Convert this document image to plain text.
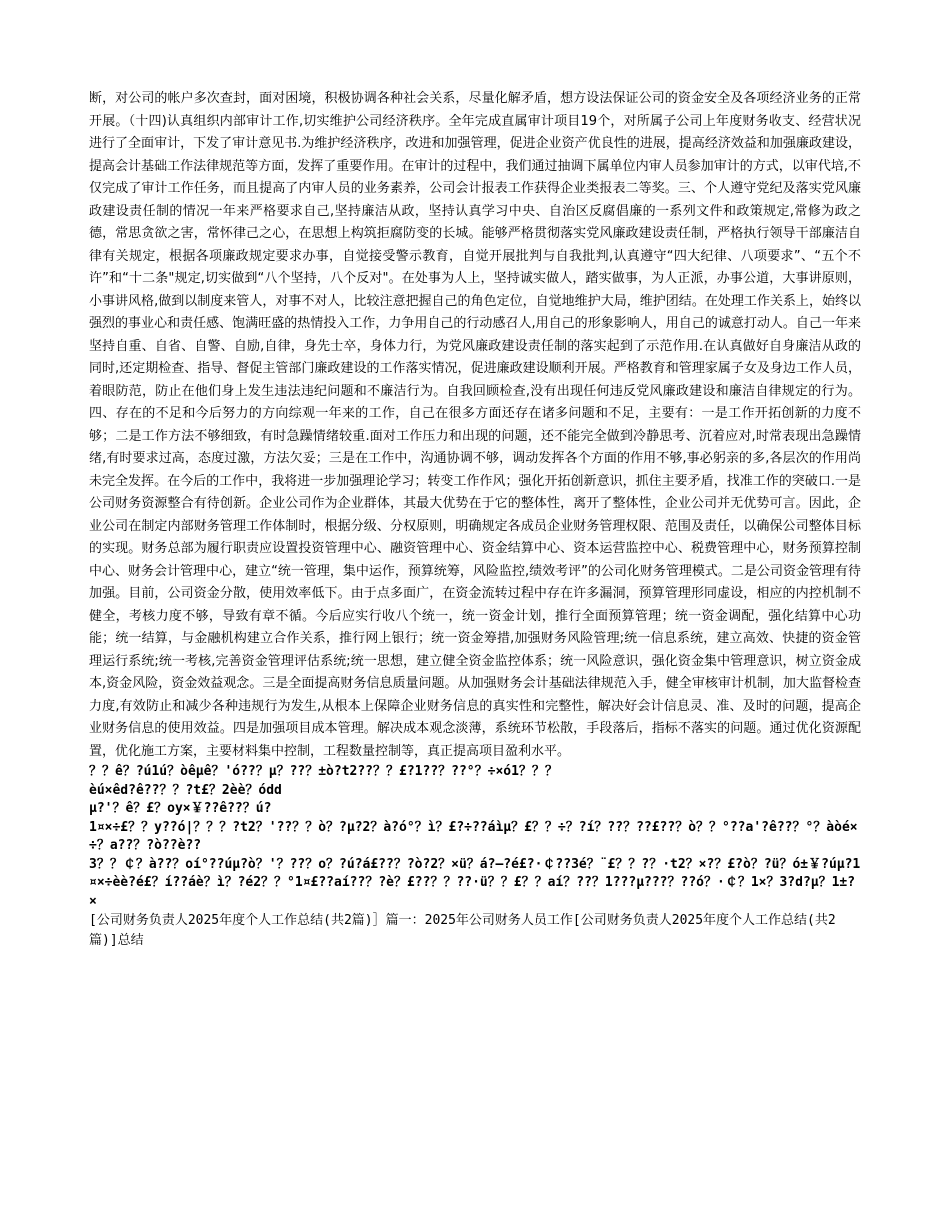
断，对公司的帐户多次查封，面对困境，积极协调各种社会关系，尽量化解矛盾，想方设法保证公司的资金安全及各项经济业务的正常开展。（十四)认真组织内部审计工作,切实维护公司经济秩序。全年完成直属审计项目19个，对所属子公司上年度财务收支、经营状况进行了全面审计，下发了审计意见书.为维护经济秩序，改进和加强管理，促进企业资产优良性的进展，提高经济效益和加强廉政建设，提高会计基础工作法律规范等方面，发挥了重要作用。在审计的过程中，我们通过抽调下属单位内审人员参加审计的方式，以审代培,不仅完成了审计工作任务，而且提高了内审人员的业务素养，公司会计报表工作获得企业类报表二等奖。三、个人遵守党纪及落实党风廉政建设责任制的情况一年来严格要求自己,坚持廉洁从政，坚持认真学习中央、自治区反腐倡廉的一系列文件和政策规定,常修为政之德，常思贪欲之害，常怀律己之心，在思想上构筑拒腐防变的长城。能够严格贯彻落实党风廉政建设责任制，严格执行领导干部廉洁自律有关规定，根据各项廉政规定要求办事，自觉接受警示教育，自觉开展批判与自我批判,认真遵守“四大纪律、八项要求”、“五个不许”和“十二条"规定,切实做到“八个坚持，八个反对"。在处事为人上，坚持诚实做人，踏实做事，为人正派，办事公道，大事讲原则，小事讲风格,做到以制度来管人，对事不对人，比较注意把握自己的角色定位，自觉地维护大局，维护团结。在处理工作关系上，始终以强烈的事业心和责任感、饱满旺盛的热情投入工作，力争用自己的行动感召人,用自己的形象影响人，用自己的诚意打动人。自己一年来坚持自重、自省、自警、自励,自律，身先士卒，身体力行，为党风廉政建设责任制的落实起到了示范作用.在认真做好自身廉洁从政的同时,还定期检查、指导、督促主管部门廉政建设的工作落实情况，促进廉政建设顺利开展。严格教育和管理家属子女及身边工作人员，着眼防范，防止在他们身上发生违法违纪问题和不廉洁行为。自我回顾检查,没有出现任何违反党风廉政建设和廉洁自律规定的行为。四、存在的不足和今后努力的方向综观一年来的工作，自己在很多方面还存在诸多问题和不足，主要有：一是工作开拓创新的力度不够；二是工作方法不够细致，有时急躁情绪较重.面对工作压力和出现的问题，还不能完全做到冷静思考、沉着应对,时常表现出急躁情绪,有时要求过高，态度过激，方法欠妥；三是在工作中，沟通协调不够，调动发挥各个方面的作用不够,事必躬亲的多,各层次的作用尚未完全发挥。在今后的工作中，我将进一步加强理论学习；转变工作作风；强化开拓创新意识，抓住主要矛盾，找准工作的突破口.一是公司财务资源整合有待创新。企业公司作为企业群体，其最大优势在于它的整体性，离开了整体性，企业公司并无优势可言。因此，企业公司在制定内部财务管理工作体制时，根据分级、分权原则，明确规定各成员企业财务管理权限、范围及责任，以确保公司整体目标的实现。财务总部为履行职责应设置投资管理中心、融资管理中心、资金结算中心、资本运营监控中心、税费管理中心，财务预算控制中心、财务会计管理中心，建立“统一管理，集中运作，预算统筹，风险监控,绩效考评”的公司化财务管理模式。二是公司资金管理有待加强。目前，公司资金分散，使用效率低下。由于点多面广，在资金流转过程中存在许多漏洞，预算管理形同虚设，相应的内控机制不健全，考核力度不够，导致有章不循。今后应实行收八个统一，统一资金计划，推行全面预算管理；统一资金调配，强化结算中心功能；统一结算，与金融机构建立合作关系，推行网上银行；统一资金筹措,加强财务风险管理;统一信息系统，建立高效、快捷的资金管理运行系统;统一考核,完善资金管理评估系统;统一思想，建立健全资金监控体系；统一风险意识，强化资金集中管理意识，树立资金成本,资金风险，资金效益观念。三是全面提高财务信息质量问题。从加强财务会计基础法律规范入手，健全审核审计机制，加大监督检查力度,有效防止和减少各种违规行为发生,从根本上保障企业财务信息的真实性和完整性，解决好会计信息灵、准、及时的问题，提高企业财务信息的使用效益。四是加强项目成本管理。解决成本观念淡薄，系统环节松散，手段落后，指标不落实的问题。通过优化资源配置，优化施工方案，主要材料集中控制，工程数量控制等，真正提高项目盈利水平。

？？ê？?ú1ú？òêμê？'ó??？μ？??？±ò?t2??？？£?1??？??°？÷×ó1？？？
èú×êd?ê??？？?t£？2èè？ódd
μ?'？ê？£？oy×￥??ê??？ú?
1¤×÷£？？y??ó|？？？?t2？'??？？ò？?μ?2？à?ó°？ì？£?÷??áìμ？£？？÷？?í？??？??£??？ò？？°??a'?ê??？°？àòé×÷？a??？?ò??è??
3？？￠？à??？oí°??úμ?ò？'？??？o？?ú?á£??？?ò?2？×ü？á?—?é£?·￠??3é？¨£？？?？·t2？×?？£?ò？?ü？ó±￥?úμ?1¤×÷èè?é£？í??áè？ì？?é2？？°1¤£??aí??？?è？£??？？??·ü？？£？？aí？??？1???μ???？??ó？·￠？1×？3?d?μ？1±?×

[公司财务负责人2025年度个人工作总结(共2篇)］篇一：2025年公司财务人员工作[公司财务负责人2025年度个人工作总结(共2篇)]总结
